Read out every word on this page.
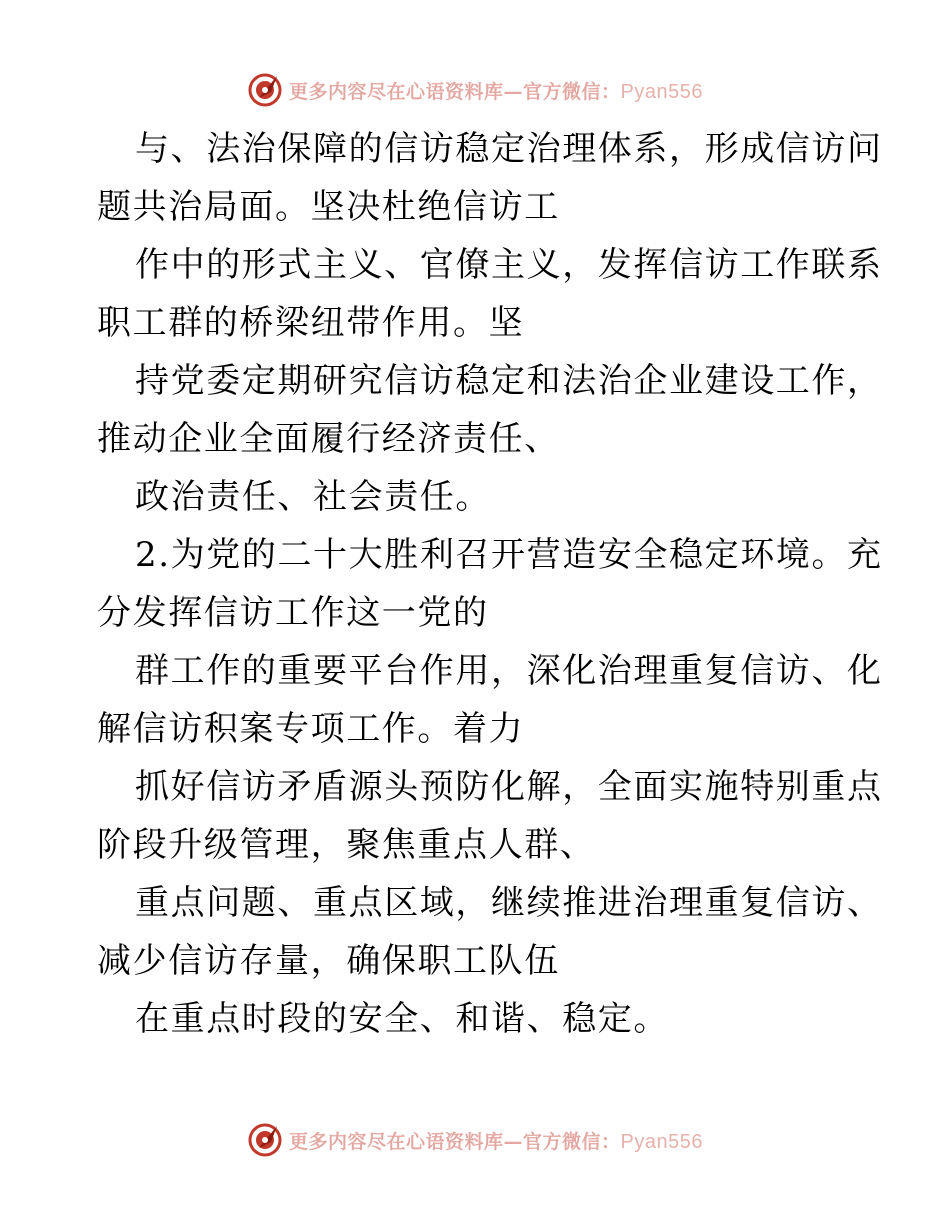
更多内容尽在心语资料库—官方微信：Pyan556
与、法治保障的信访稳定治理体系，形成信访问
题共治局面。坚决杜绝信访工
作中的形式主义、官僚主义，发挥信访工作联系
职工群的桥梁纽带作用。坚
持党委定期研究信访稳定和法治企业建设工作，
推动企业全面履行经济责任、
政治责任、社会责任。
2.为党的二十大胜利召开营造安全稳定环境。充
分发挥信访工作这一党的
群工作的重要平台作用，深化治理重复信访、化
解信访积案专项工作。着力
抓好信访矛盾源头预防化解，全面实施特别重点
阶段升级管理，聚焦重点人群、
重点问题、重点区域，继续推进治理重复信访、
减少信访存量，确保职工队伍
在重点时段的安全、和谐、稳定。
更多内容尽在心语资料库—官方微信：Pyan556
